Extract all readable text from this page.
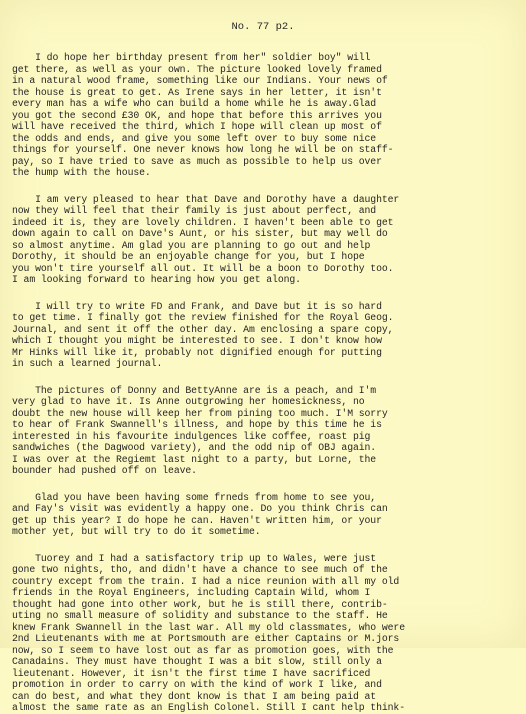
No. 77 p2.
I do hope her birthday present from her" soldier boy" will
get there, as well as your own. The picture looked lovely framed
in a natural wood frame, something like our Indians. Your news of
the house is great to get. As Irene says in her letter, it isn't
every man has a wife who can build a home while he is away.Glad
you got the second £30 OK, and hope that before this arrives you
will have received the third, which I hope will clean up most of
the odds and ends, and give you some left over to buy some nice
things for yourself. One never knows how long he will be on staff-
pay, so I have tried to save as much as possible to help us over
the hump with the house.
I am very pleased to hear that Dave and Dorothy have a daughter
now they will feel that their family is just about perfect, and
indeed it is, they are lovely children. I haven't been able to get
down again to call on Dave's Aunt, or his sister, but may well do
so almost anytime. Am glad you are planning to go out and help
Dorothy, it should be an enjoyable change for you, but I hope
you won't tire yourself all out. It will be a boon to Dorothy too.
I am looking forward to hearing how you get along.
I will try to write FD and Frank, and Dave but it is so hard
to get time. I finally got the review finished for the Royal Geog.
Journal, and sent it off the other day. Am enclosing a spare copy,
which I thought you might be interested to see. I don't know how
Mr Hinks will like it, probably not dignified enough for putting
in such a learned journal.
The pictures of Donny and BettyAnne are is a peach, and I'm
very glad to have it. Is Anne outgrowing her homesickness, no
doubt the new house will keep her from pining too much. I'M sorry
to hear of Frank Swannell's illness, and hope by this time he is
interested in his favourite indulgences like coffee, roast pig
sandwiches (the Dagwood variety), and the odd nip of OBJ again.
I was over at the Regiemt last night to a party, but Lorne, the
bounder had pushed off on leave.
Glad you have been having some frneds from home to see you,
and Fay's visit was evidently a happy one. Do you think Chris can
get up this year? I do hope he can. Haven't written him, or your
mother yet, but will try to do it sometime.
Tuorey and I had a satisfactory trip up to Wales, were just
gone two nights, tho, and didn't have a chance to see much of the
country except from the train. I had a nice reunion with all my old
friends in the Royal Engineers, including Captain Wild, whom I
thought had gone into other work, but he is still there, contrib-
uting no small measure of solidity and substance to the staff. He
knew Frank Swannell in the last war. All my old classmates, who were
2nd Lieutenants with me at Portsmouth are either Captains or M.jors
now, so I seem to have lost out as far as promotion goes, with the
Canadains. They must have thought I was a bit slow, still only a
lieutenant. However, it isn't the first time I have sacrificed
promotion in order to carry on with the kind of work I like, and
can do best, and what they dont know is that I am being paid at
almost the same rate as an English Colonel. Still I cant help think-
